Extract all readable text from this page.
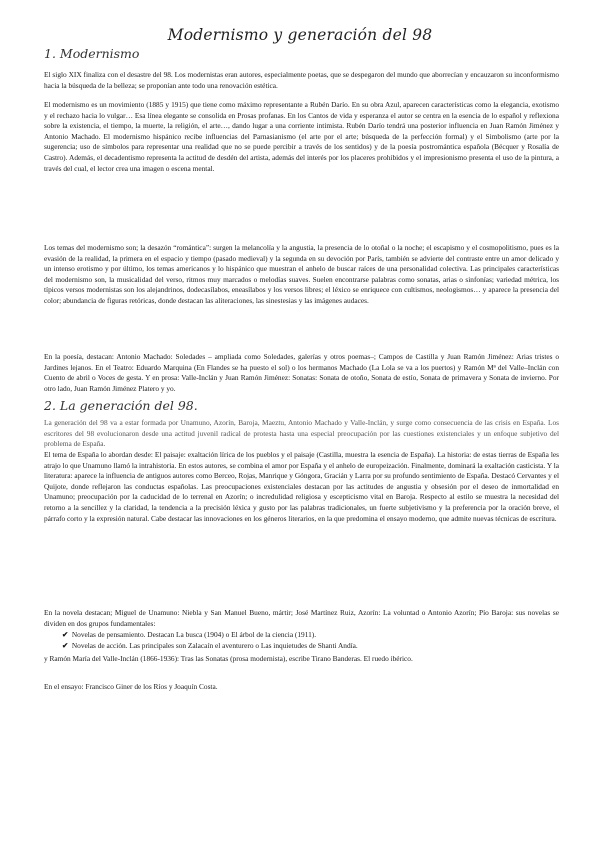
Modernismo y generación del 98
1. Modernismo
El siglo XIX finaliza con el desastre del 98. Los modernistas eran autores, especialmente poetas, que se despegaron del mundo que aborrecían y encauzaron su inconformismo hacia la búsqueda de la belleza; se proponían ante todo una renovación estética.
El modernismo es un movimiento (1885 y 1915) que tiene como máximo representante a Rubén Darío. En su obra Azul, aparecen características como la elegancia, exotismo y el rechazo hacia lo vulgar… Esa línea elegante se consolida en Prosas profanas. En los Cantos de vida y esperanza el autor se centra en la esencia de lo español y reflexiona sobre la existencia, el tiempo, la muerte, la religión, el arte…, dando lugar a una corriente intimista. Rubén Darío tendrá una posterior influencia en Juan Ramón Jiménez y Antonio Machado. El modernismo hispánico recibe influencias del Parnasianismo (el arte por el arte; búsqueda de la perfección formal) y el Simbolismo (arte por la sugerencia; uso de símbolos para representar una realidad que no se puede percibir a través de los sentidos) y de la poesía postromántica española (Bécquer y Rosalía de Castro). Además, el decadentismo representa la actitud de desdén del artista, además del interés por los placeres prohibidos y el impresionismo presenta el uso de la pintura, a través del cual, el lector crea una imagen o escena mental.
Los temas del modernismo son; la desazón “romántica”: surgen la melancolía y la angustia, la presencia de lo otoñal o la noche; el escapismo y el cosmopolitismo, pues es la evasión de la realidad, la primera en el espacio y tiempo (pasado medieval) y la segunda en su devoción por París, también se advierte del contraste entre un amor delicado y un intenso erotismo y por último, los temas americanos y lo hispánico que muestran el anhelo de buscar raíces de una personalidad colectiva. Las principales características del modernismo son, la musicalidad del verso, ritmos muy marcados o melodías suaves. Suelen encontrarse palabras como sonatas, arias o sinfonías; variedad métrica, los típicos versos modernistas son los alejandrinos, dodecasílabos, eneasílabos y los versos libres; el léxico se enriquece con cultismos, neologismos… y aparece la presencia del color; abundancia de figuras retóricas, donde destacan las aliteraciones, las sinestesias y las imágenes audaces.
En la poesía, destacan: Antonio Machado: Soledades – ampliada como Soledades, galerías y otros poemas–; Campos de Castilla y Juan Ramón Jiménez: Arias tristes o Jardines lejanos. En el Teatro: Eduardo Marquina (En Flandes se ha puesto el sol) o los hermanos Machado (La Lola se va a los puertos) y Ramón Mª del Valle–Inclán con Cuento de abril o Voces de gesta. Y en prosa: Valle-Inclán y Juan Ramón Jiménez: Sonatas: Sonata de otoño, Sonata de estío, Sonata de primavera y Sonata de invierno. Por otro lado, Juan Ramón Jiménez Platero y yo.
2. La generación del 98.
La generación del 98 va a estar formada por Unamuno, Azorín, Baroja, Maeztu, Antonio Machado y Valle-Inclán, y surge como consecuencia de las crisis en España. Los escritores del 98 evolucionaron desde una actitud juvenil radical de protesta hasta una especial preocupación por las cuestiones existenciales y un enfoque subjetivo del problema de España.
El tema de España lo abordan desde: El paisaje: exaltación lírica de los pueblos y el paisaje (Castilla, muestra la esencia de España). La historia: de estas tierras de España les atrajo lo que Unamuno llamó la intrahistoria. En estos autores, se combina el amor por España y el anhelo de europeización. Finalmente, dominará la exaltación casticista. Y la literatura: aparece la influencia de antiguos autores como Berceo, Rojas, Manrique y Góngora, Gracián y Larra por su profundo sentimiento de España. Destacó Cervantes y el Quijote, donde reflejaron las conductas españolas. Las preocupaciones existenciales destacan por las actitudes de angustia y obsesión por el deseo de inmortalidad en Unamuno; preocupación por la caducidad de lo terrenal en Azorín; o incredulidad religiosa y escepticismo vital en Baroja. Respecto al estilo se muestra la necesidad del retorno a la sencillez y la claridad, la tendencia a la precisión léxica y gusto por las palabras tradicionales, un fuerte subjetivismo y la preferencia por la oración breve, el párrafo corto y la expresión natural. Cabe destacar las innovaciones en los géneros literarios, en la que predomina el ensayo moderno, que admite nuevas técnicas de escritura.
En la novela destacan; Miguel de Unamuno: Niebla y San Manuel Bueno, mártir; José Martínez Ruiz, Azorín: La voluntad o Antonio Azorín; Pío Baroja: sus novelas se dividen en dos grupos fundamentales:
✔ Novelas de pensamiento. Destacan La busca (1904) o El árbol de la ciencia (1911).
✔ Novelas de acción. Las principales son Zalacaín el aventurero o Las inquietudes de Shanti Andía.
y Ramón María del Valle-Inclán (1866-1936): Tras las Sonatas (prosa modernista), escribe Tirano Banderas. El ruedo ibérico.
En el ensayo: Francisco Giner de los Ríos y Joaquín Costa.
